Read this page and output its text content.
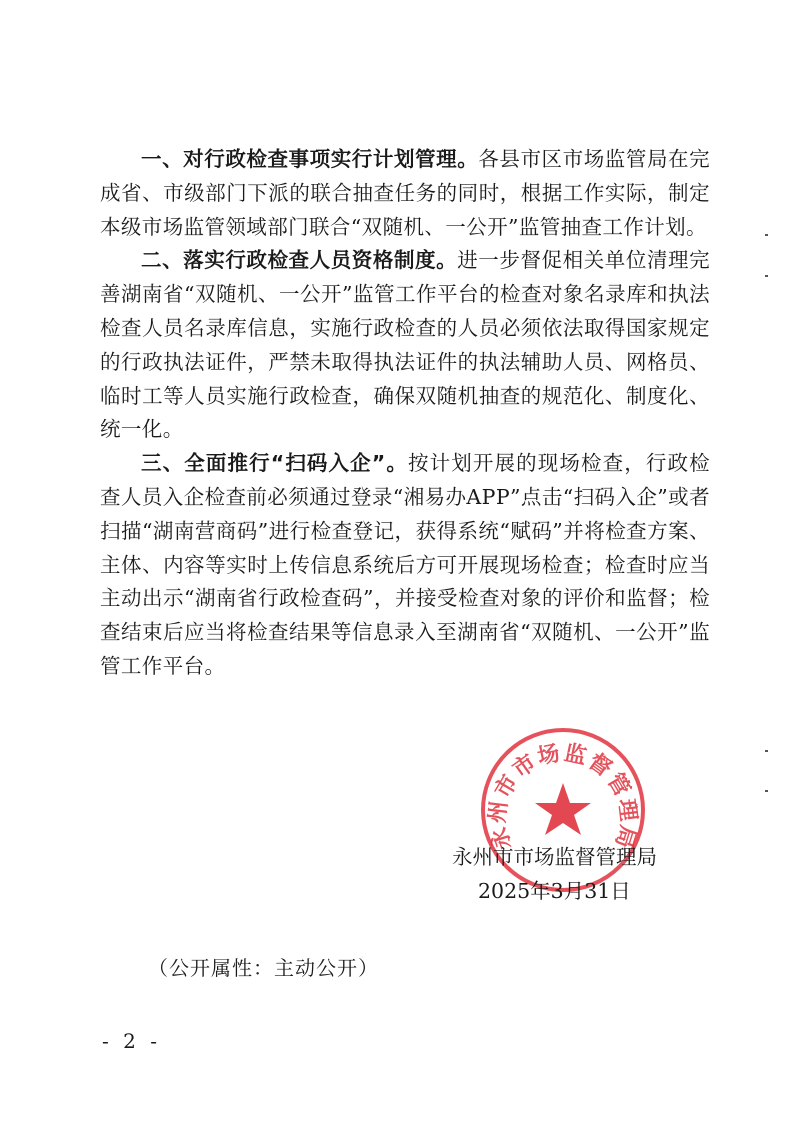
一、对行政检查事项实行计划管理。各县市区市场监管局在完成省、市级部门下派的联合抽查任务的同时，根据工作实际，制定本级市场监管领域部门联合“双随机、一公开”监管抽查工作计划。

二、落实行政检查人员资格制度。进一步督促相关单位清理完善湖南省“双随机、一公开”监管工作平台的检查对象名录库和执法检查人员名录库信息，实施行政检查的人员必须依法取得国家规定的行政执法证件，严禁未取得执法证件的执法辅助人员、网格员、临时工等人员实施行政检查，确保双随机抽查的规范化、制度化、统一化。

三、全面推行“扫码入企”。按计划开展的现场检查，行政检查人员入企检查前必须通过登录“湘易办APP”点击“扫码入企”或者扫描“湖南营商码”进行检查登记，获得系统“赋码”并将检查方案、主体、内容等实时上传信息系统后方可开展现场检查；检查时应当主动出示“湖南省行政检查码”，并接受检查对象的评价和监督；检查结束后应当将检查结果等信息录入至湖南省“双随机、一公开”监管工作平台。

永州市市场监督管理局
永州市市场监督管理局
2025年3月31日
（公开属性：主动公开）
- 2 -
